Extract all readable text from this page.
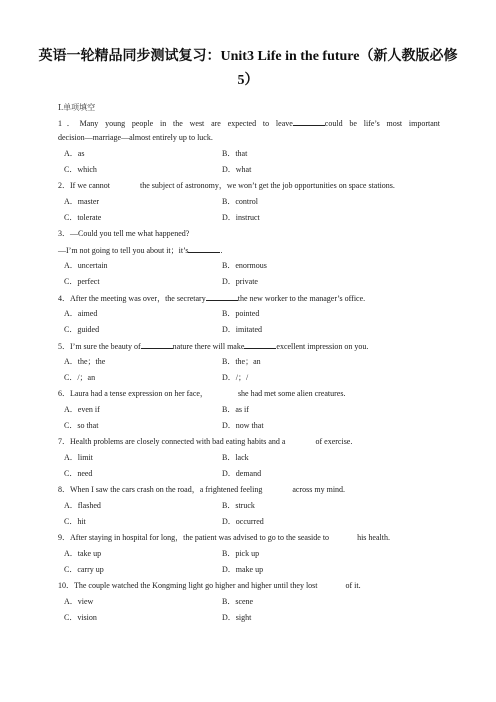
英语一轮精品同步测试复习：Unit3 Life in the future（新人教版必修
5）
Ⅰ.单项填空
1．Many young people in the west are expected to leave	could be life’s most important
decision—marriage—almost entirely up to luck.
A．as	B．that
C．which	D．what
2．If we cannot	the subject of astronomy，we won’t get the job opportunities on space stations.
A．master	B．control
C．tolerate	D．instruct
3．—Could you tell me what happened?
—I’m not going to tell you about it；it’s	.
A．uncertain	B．enormous
C．perfect	D．private
4．After the meeting was over，the secretary	the new worker to the manager’s office.
A．aimed	B．pointed
C．guided	D．imitated
5．I’m sure the beauty of	nature there will make	excellent impression on you.
A．the；the	B．the；an
C．/；an	D．/；/
6．Laura had a tense expression on her face，	she had met some alien creatures.
A．even if	B．as if
C．so that	D．now that
7．Health problems are closely connected with bad eating habits and a	of exercise.
A．limit	B．lack
C．need	D．demand
8．When I saw the cars crash on the road，a frightened feeling	across my mind.
A．flashed	B．struck
C．hit	D．occurred
9．After staying in hospital for long，the patient was advised to go to the seaside to	his health.
A．take up	B．pick up
C．carry up	D．make up
10．The couple watched the Kongming light go higher and higher until they lost	of it.
A．view	B．scene
C．vision	D．sight
